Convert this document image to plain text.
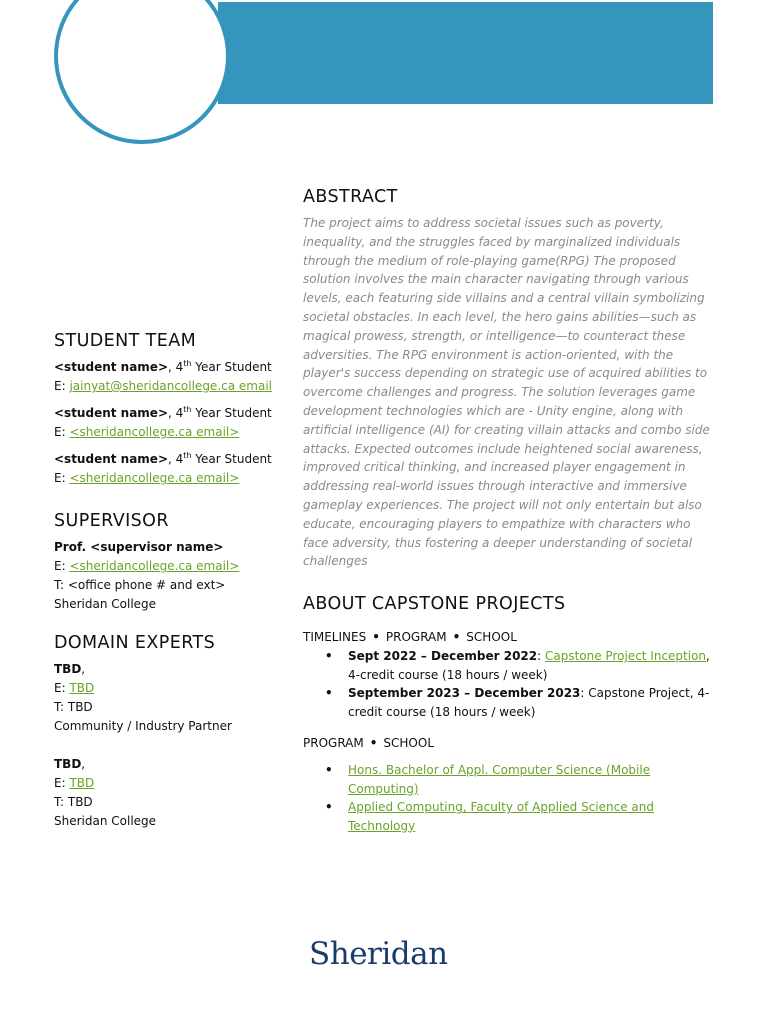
STUDENT TEAM
<student name>, 4th Year Student
E: jainyat@sheridancollege.ca email
<student name>, 4th Year Student
E: <sheridancollege.ca email>
<student name>, 4th Year Student
E: <sheridancollege.ca email>
SUPERVISOR
Prof. <supervisor name>
E: <sheridancollege.ca email>
T: <office phone # and ext>
Sheridan College
DOMAIN EXPERTS
TBD,
E: TBD
T: TBD
Community / Industry Partner
TBD,
E: TBD
T: TBD
Sheridan College
ABSTRACT

The project aims to address societal issues such as poverty, inequality, and the struggles faced by marginalized individuals through the medium of role-playing game(RPG) The proposed solution involves the main character navigating through various levels, each featuring side villains and a central villain symbolizing societal obstacles. In each level, the hero gains abilities—such as magical prowess, strength, or intelligence—to counteract these adversities. The RPG environment is action-oriented, with the player's success depending on strategic use of acquired abilities to overcome challenges and progress. The solution leverages game development technologies which are - Unity engine, along with artificial intelligence (AI) for creating villain attacks and combo side attacks. Expected outcomes include heightened social awareness, improved critical thinking, and increased player engagement in addressing real-world issues through interactive and immersive gameplay experiences. The project will not only entertain but also educate, encouraging players to empathize with characters who face adversity, thus fostering a deeper understanding of societal challenges

ABOUT CAPSTONE PROJECTS

TIMELINES • PROGRAM • SCHOOL

• Sept 2022 – December 2022: Capstone Project Inception, 4-credit course (18 hours / week)
• September 2023 – December 2023: Capstone Project, 4-credit course (18 hours / week)

PROGRAM • SCHOOL

• Hons. Bachelor of Appl. Computer Science (Mobile Computing)
• Applied Computing, Faculty of Applied Science and Technology
Sheridan
